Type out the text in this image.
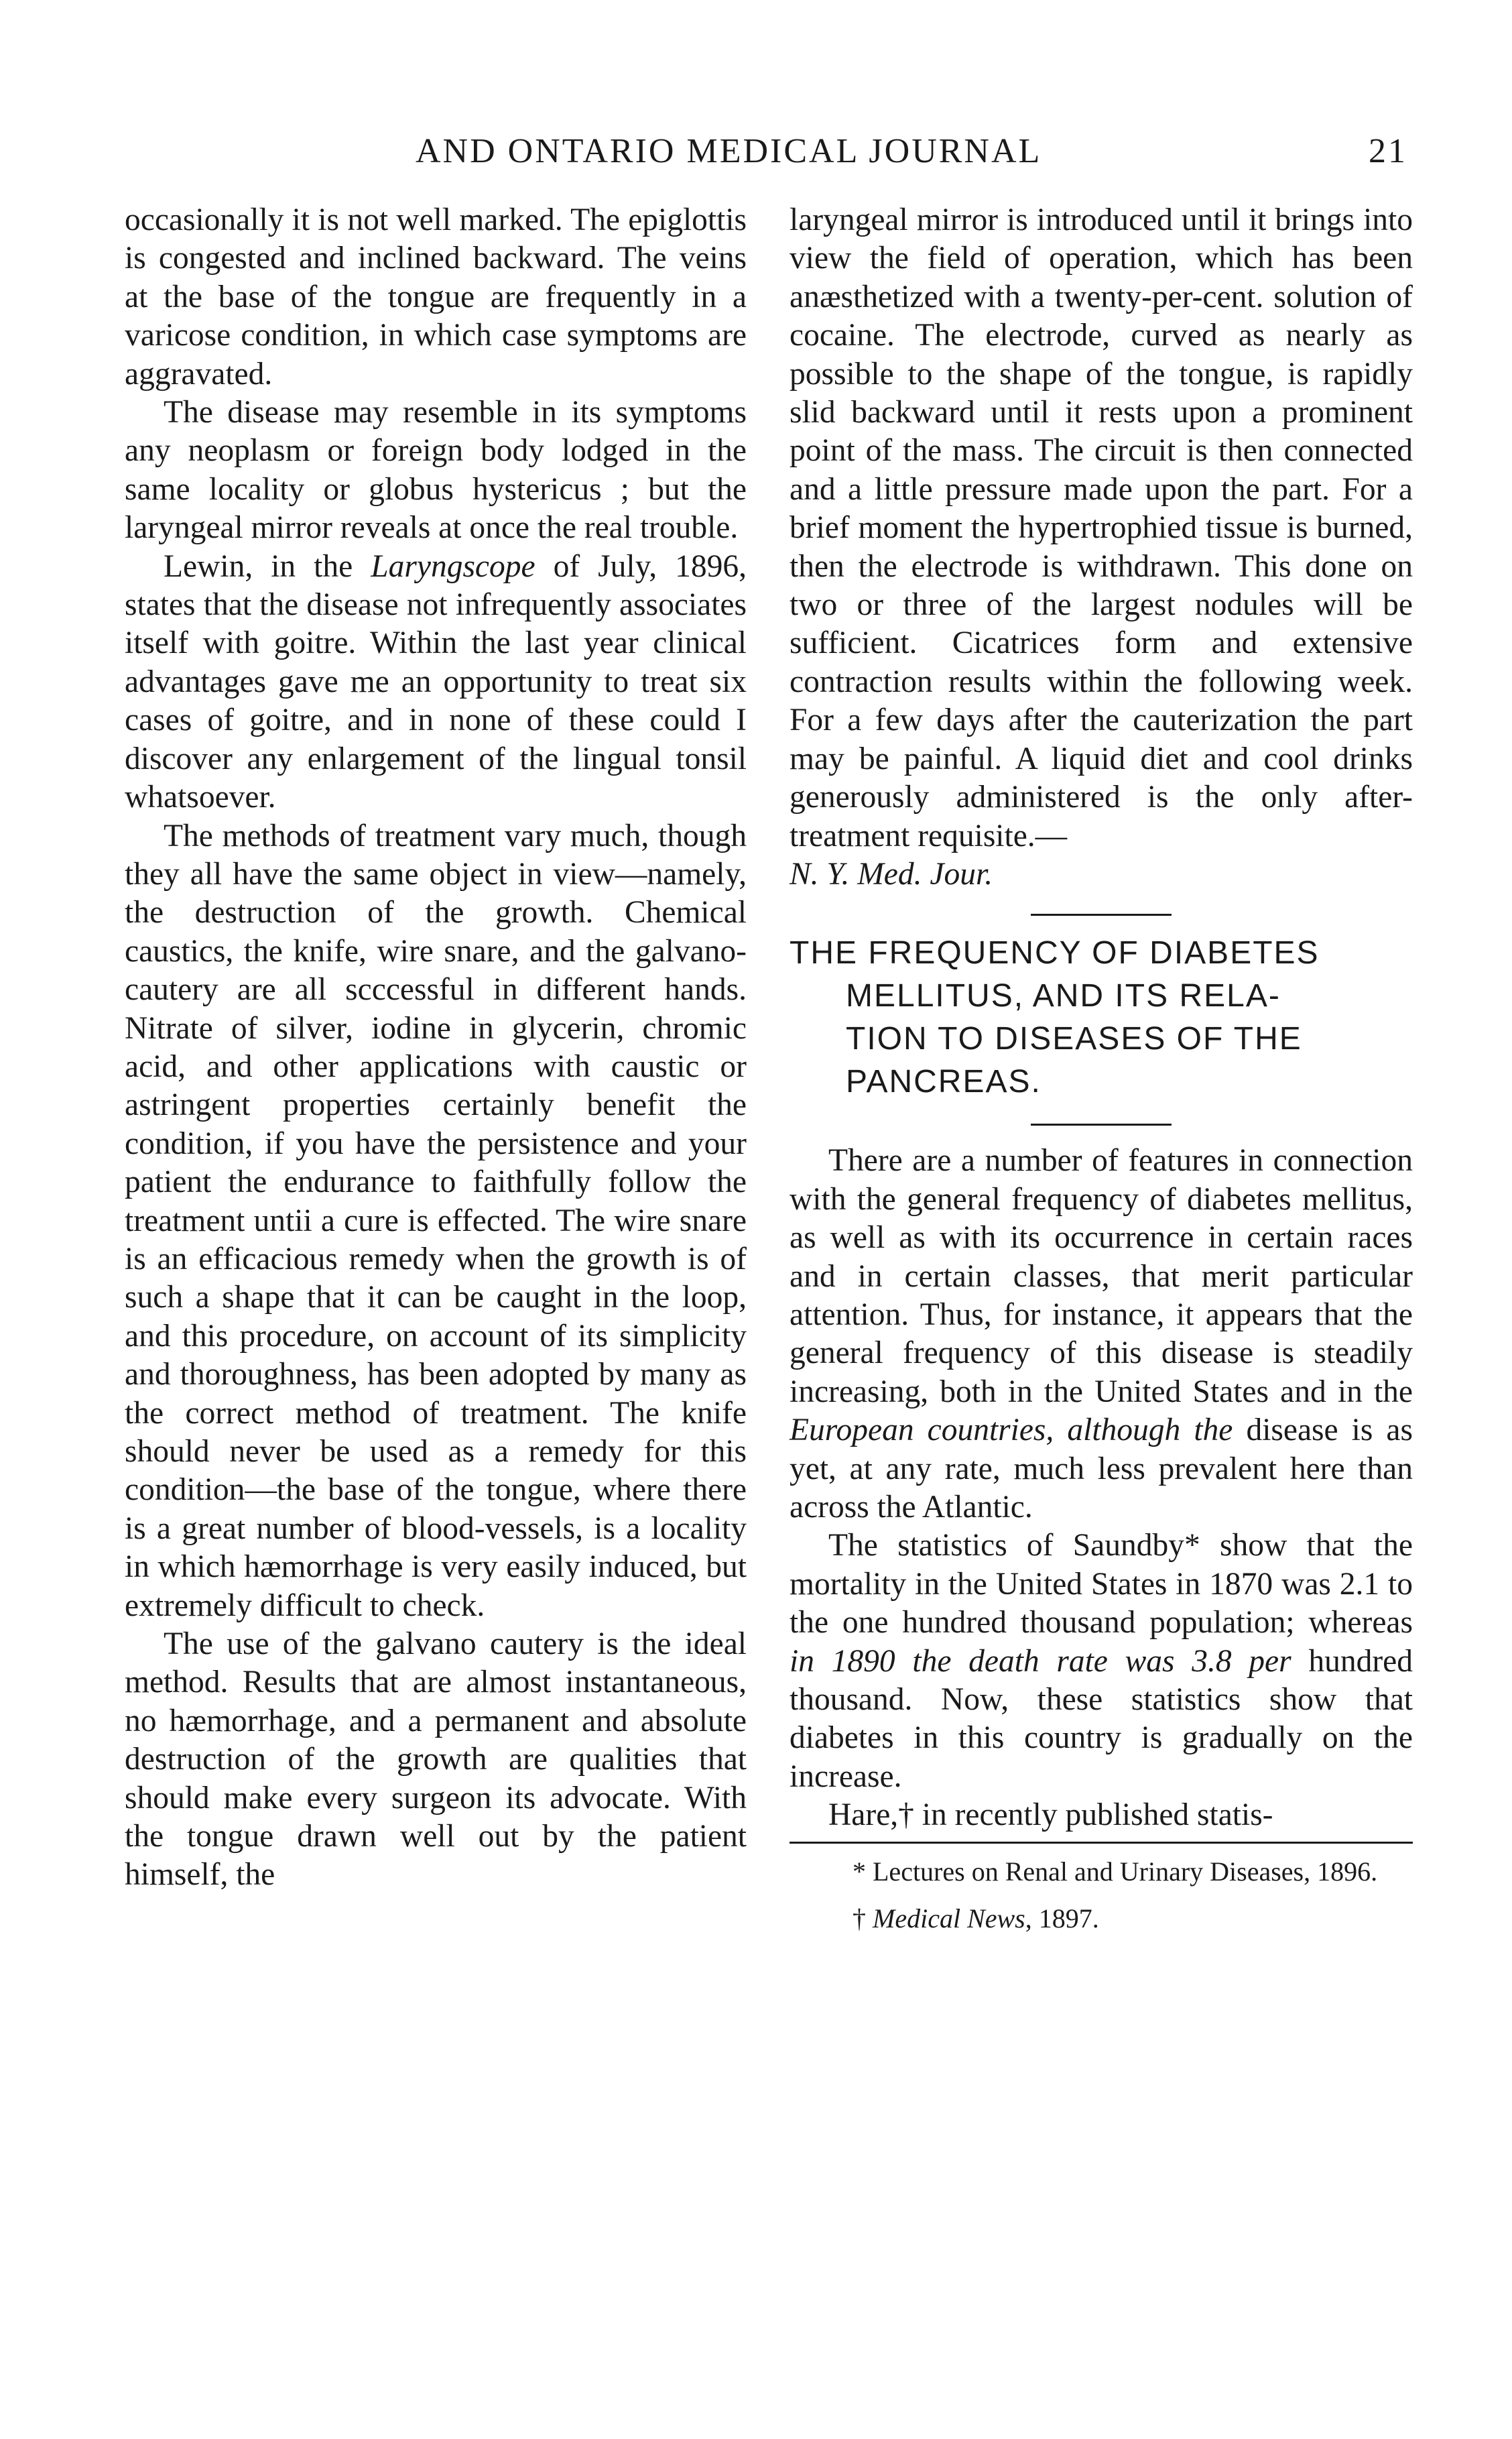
AND ONTARIO MEDICAL JOURNAL	21

occasionally it is not well marked. The epiglottis is congested and inclined backward. The veins at the base of the tongue are frequently in a varicose condition, in which case symptoms are aggravated.

The disease may resemble in its symptoms any neoplasm or foreign body lodged in the same locality or globus hystericus ; but the laryngeal mirror reveals at once the real trouble.

Lewin, in the Laryngscope of July, 1896, states that the disease not infrequently associates itself with goitre. Within the last year clinical advantages gave me an opportunity to treat six cases of goitre, and in none of these could I discover any enlargement of the lingual tonsil whatsoever.

The methods of treatment vary much, though they all have the same object in view—namely, the destruction of the growth. Chemical caustics, the knife, wire snare, and the galvano-cautery are all scccessful in different hands. Nitrate of silver, iodine in glycerin, chromic acid, and other applications with caustic or astringent properties certainly benefit the condition, if you have the persistence and your patient the endurance to faithfully follow the treatment untii a cure is effected. The wire snare is an efficacious remedy when the growth is of such a shape that it can be caught in the loop, and this procedure, on account of its simplicity and thoroughness, has been adopted by many as the correct method of treatment. The knife should never be used as a remedy for this condition—the base of the tongue, where there is a great number of blood-vessels, is a locality in which hæmorrhage is very easily induced, but extremely difficult to check.

The use of the galvano cautery is the ideal method. Results that are almost instantaneous, no hæmorrhage, and a permanent and absolute destruction of the growth are qualities that should make every surgeon its advocate. With the tongue drawn well out by the patient himself, the

laryngeal mirror is introduced until it brings into view the field of operation, which has been anæsthetized with a twenty-per-cent. solution of cocaine. The electrode, curved as nearly as possible to the shape of the tongue, is rapidly slid backward until it rests upon a prominent point of the mass. The circuit is then connected and a little pressure made upon the part. For a brief moment the hypertrophied tissue is burned, then the electrode is withdrawn. This done on two or three of the largest nodules will be sufficient. Cicatrices form and extensive contraction results within the following week. For a few days after the cauterization the part may be painful. A liquid diet and cool drinks generously administered is the only after-treatment requisite.—
N. Y. Med. Jour.

THE FREQUENCY OF DIABETES
MELLITUS, AND ITS RELA-
TION TO DISEASES OF THE
PANCREAS.

There are a number of features in connection with the general frequency of diabetes mellitus, as well as with its occurrence in certain races and in certain classes, that merit particular attention. Thus, for instance, it appears that the general frequency of this disease is steadily increasing, both in the United States and in the European countries, although the disease is as yet, at any rate, much less prevalent here than across the Atlantic.

The statistics of Saundby* show that the mortality in the United States in 1870 was 2.1 to the one hundred thousand population; whereas in 1890 the death rate was 3.8 per hundred thousand. Now, these statistics show that diabetes in this country is gradually on the increase.

Hare,† in recently published statis-

* Lectures on Renal and Urinary Diseases, 1896.

† Medical News, 1897.
